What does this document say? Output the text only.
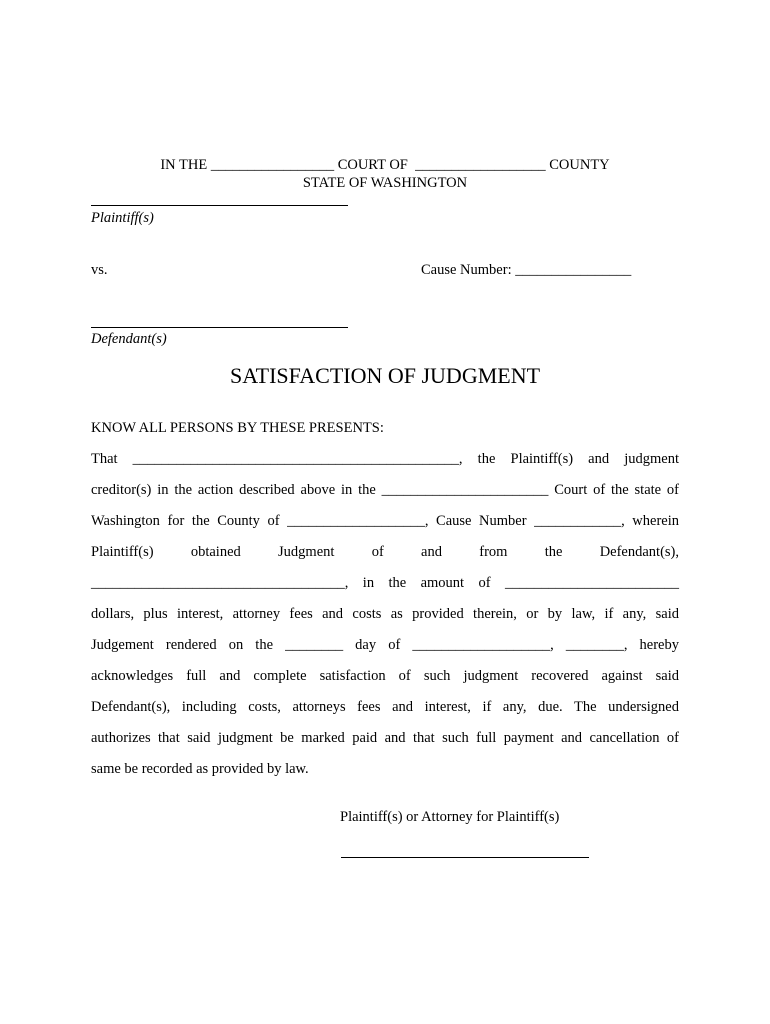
IN THE _________________ COURT OF  __________________ COUNTY
STATE OF WASHINGTON
Plaintiff(s)
vs.	Cause Number: ________________
Defendant(s)
SATISFACTION OF JUDGMENT
KNOW ALL PERSONS BY THESE PRESENTS:
That _____________________________________________, the Plaintiff(s) and judgment
creditor(s) in the action described above in the _______________________ Court of the state of
Washington for the County of ___________________, Cause Number ____________, wherein
Plaintiff(s)	obtained	Judgment	of	and	from	the	Defendant(s),
___________________________________, in the amount of ________________________
dollars, plus interest, attorney fees and costs as provided therein, or by law, if any, said
Judgement rendered on the ________ day of ___________________, ________, hereby
acknowledges full and complete satisfaction of such judgment recovered against said
Defendant(s), including costs, attorneys fees and interest, if any, due. The undersigned
authorizes that said judgment be marked paid and that such full payment and cancellation of
same be recorded as provided by law.
Plaintiff(s) or Attorney for Plaintiff(s)
